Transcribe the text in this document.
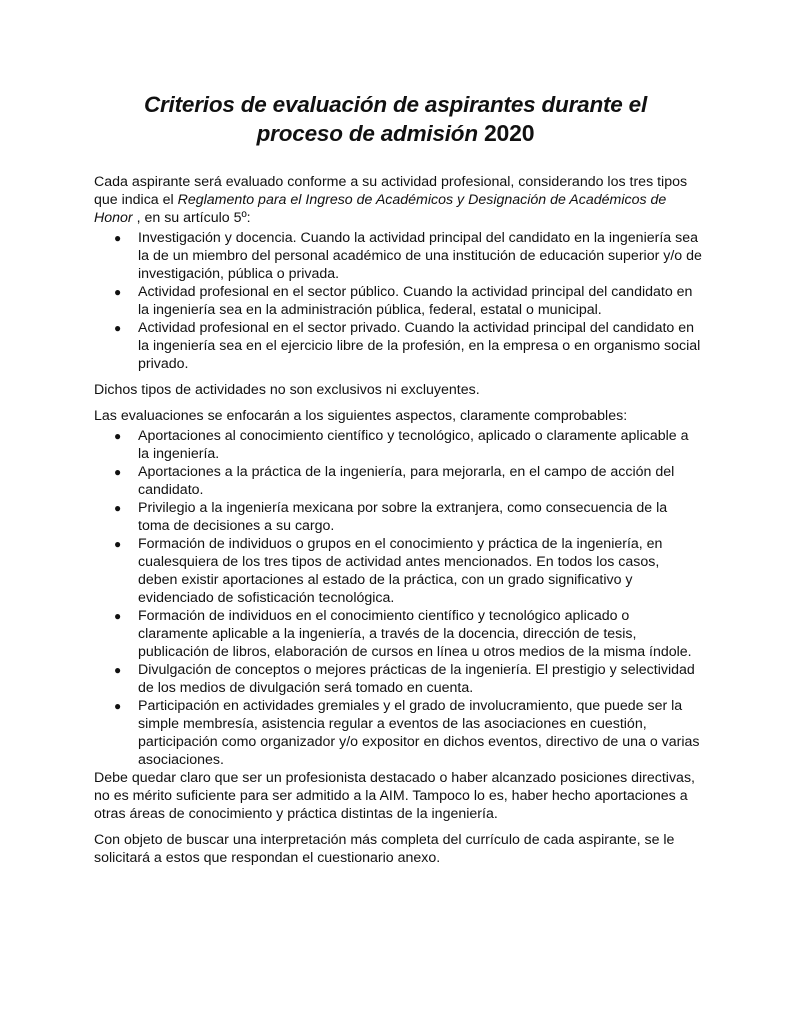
Criterios de evaluación de aspirantes durante el
proceso de admisión 2020

Cada aspirante será evaluado conforme a su actividad profesional, considerando los tres tipos que indica el Reglamento para el Ingreso de Académicos y Designación de Académicos de Honor , en su artículo 5º:

● Investigación y docencia. Cuando la actividad principal del candidato en la ingeniería sea la de un miembro del personal académico de una institución de educación superior y/o de investigación, pública o privada.
● Actividad profesional en el sector público. Cuando la actividad principal del candidato en la ingeniería sea en la administración pública, federal, estatal o municipal.
● Actividad profesional en el sector privado. Cuando la actividad principal del candidato en la ingeniería sea en el ejercicio libre de la profesión, en la empresa o en organismo social privado.

Dichos tipos de actividades no son exclusivos ni excluyentes.

Las evaluaciones se enfocarán a los siguientes aspectos, claramente comprobables:

● Aportaciones al conocimiento científico y tecnológico, aplicado o claramente aplicable a la ingeniería.
● Aportaciones a la práctica de la ingeniería, para mejorarla, en el campo de acción del candidato.
● Privilegio a la ingeniería mexicana por sobre la extranjera, como consecuencia de la toma de decisiones a su cargo.
● Formación de individuos o grupos en el conocimiento y práctica de la ingeniería, en cualesquiera de los tres tipos de actividad antes mencionados. En todos los casos, deben existir aportaciones al estado de la práctica, con un grado significativo y evidenciado de sofisticación tecnológica.
● Formación de individuos en el conocimiento científico y tecnológico aplicado o claramente aplicable a la ingeniería, a través de la docencia, dirección de tesis, publicación de libros, elaboración de cursos en línea u otros medios de la misma índole.
● Divulgación de conceptos o mejores prácticas de la ingeniería. El prestigio y selectividad de los medios de divulgación será tomado en cuenta.
● Participación en actividades gremiales y el grado de involucramiento, que puede ser la simple membresía, asistencia regular a eventos de las asociaciones en cuestión, participación como organizador y/o expositor en dichos eventos, directivo de una o varias asociaciones.

Debe quedar claro que ser un profesionista destacado o haber alcanzado posiciones directivas, no es mérito suficiente para ser admitido a la AIM. Tampoco lo es, haber hecho aportaciones a otras áreas de conocimiento y práctica distintas de la ingeniería.

Con objeto de buscar una interpretación más completa del currículo de cada aspirante, se le solicitará a estos que respondan el cuestionario anexo.
